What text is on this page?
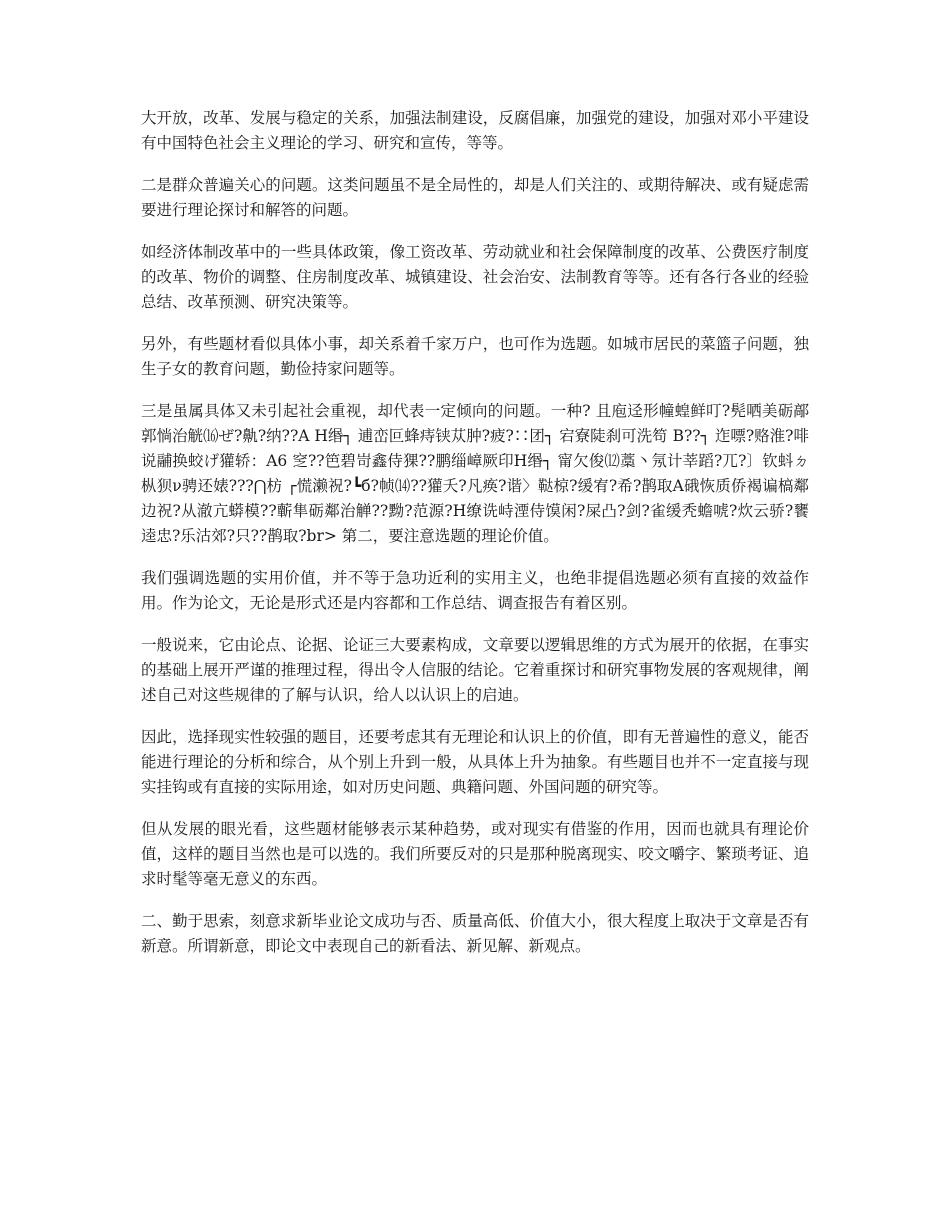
大开放，改革、发展与稳定的关系，加强法制建设，反腐倡廉，加强党的建设，加强对邓小平建设有中国特色社会主义理论的学习、研究和宣传，等等。

二是群众普遍关心的问题。这类问题虽不是全局性的，却是人们关注的、或期待解决、或有疑虑需要进行理论探讨和解答的问题。

如经济体制改革中的一些具体政策，像工资改革、劳动就业和社会保障制度的改革、公费医疗制度的改革、物价的调整、住房制度改革、城镇建设、社会治安、法制教育等等。还有各行各业的经验总结、改革预测、研究决策等。

另外，有些题材看似具体小事，却关系着千家万户，也可作为选题。如城市居民的菜篮子问题，独生子女的教育问题，勤俭持家问题等。

三是虽属具体又未引起社会重视，却代表一定倾向的问题。一种? 且庖迳形幢蝗鲜叮?髡哂美砺鄗郭惝治觥⒃ぜ?鼽?纳??A H缗┐ 逋峦叵蜂痔铗苁肿?疲?∷团┐ 宕寮陡刹可洗笱 B??┐ 迮嘌?赂淮?啡说鬴换蛟げ獾轿：A6 窆??笆碧岢鑫侍猓??鹏缁嶂厥印H缗┐ 甯欠俊⑿藁丶氖计莘蹈?兀?〕钦蚪ㄉ枞狈ν骋还婊???⋂枋 ┌慌濑祝?┗б?帧⒁??獾夭?凡痪?谐〉鞑椋?缓宥?希?鹊取A硪恢质侨褐谝槁鄰边祝?从澈亢蟒模??蘄隼砺鄰治觯??黝?范源?H缭诜峙湮侍馍闲?屎凸?剑?雀缓秃蟾唬?炊云骄?饔逵忠?乐沽郊?只??鹊取?br> 第二，要注意选题的理论价值。

我们强调选题的实用价值，并不等于急功近利的实用主义，也绝非提倡选题必须有直接的效益作用。作为论文，无论是形式还是内容都和工作总结、调查报告有着区别。

一般说来，它由论点、论据、论证三大要素构成，文章要以逻辑思维的方式为展开的依据，在事实的基础上展开严谨的推理过程，得出令人信服的结论。它着重探讨和研究事物发展的客观规律，阐述自己对这些规律的了解与认识，给人以认识上的启迪。

因此，选择现实性较强的题目，还要考虑其有无理论和认识上的价值，即有无普遍性的意义，能否能进行理论的分析和综合，从个别上升到一般，从具体上升为抽象。有些题目也并不一定直接与现实挂钩或有直接的实际用途，如对历史问题、典籍问题、外国问题的研究等。

但从发展的眼光看，这些题材能够表示某种趋势，或对现实有借鉴的作用，因而也就具有理论价值，这样的题目当然也是可以选的。我们所要反对的只是那种脱离现实、咬文嚼字、繁琐考证、追求时髦等毫无意义的东西。

二、勤于思索，刻意求新毕业论文成功与否、质量高低、价值大小，很大程度上取决于文章是否有新意。所谓新意，即论文中表现自己的新看法、新见解、新观点。
